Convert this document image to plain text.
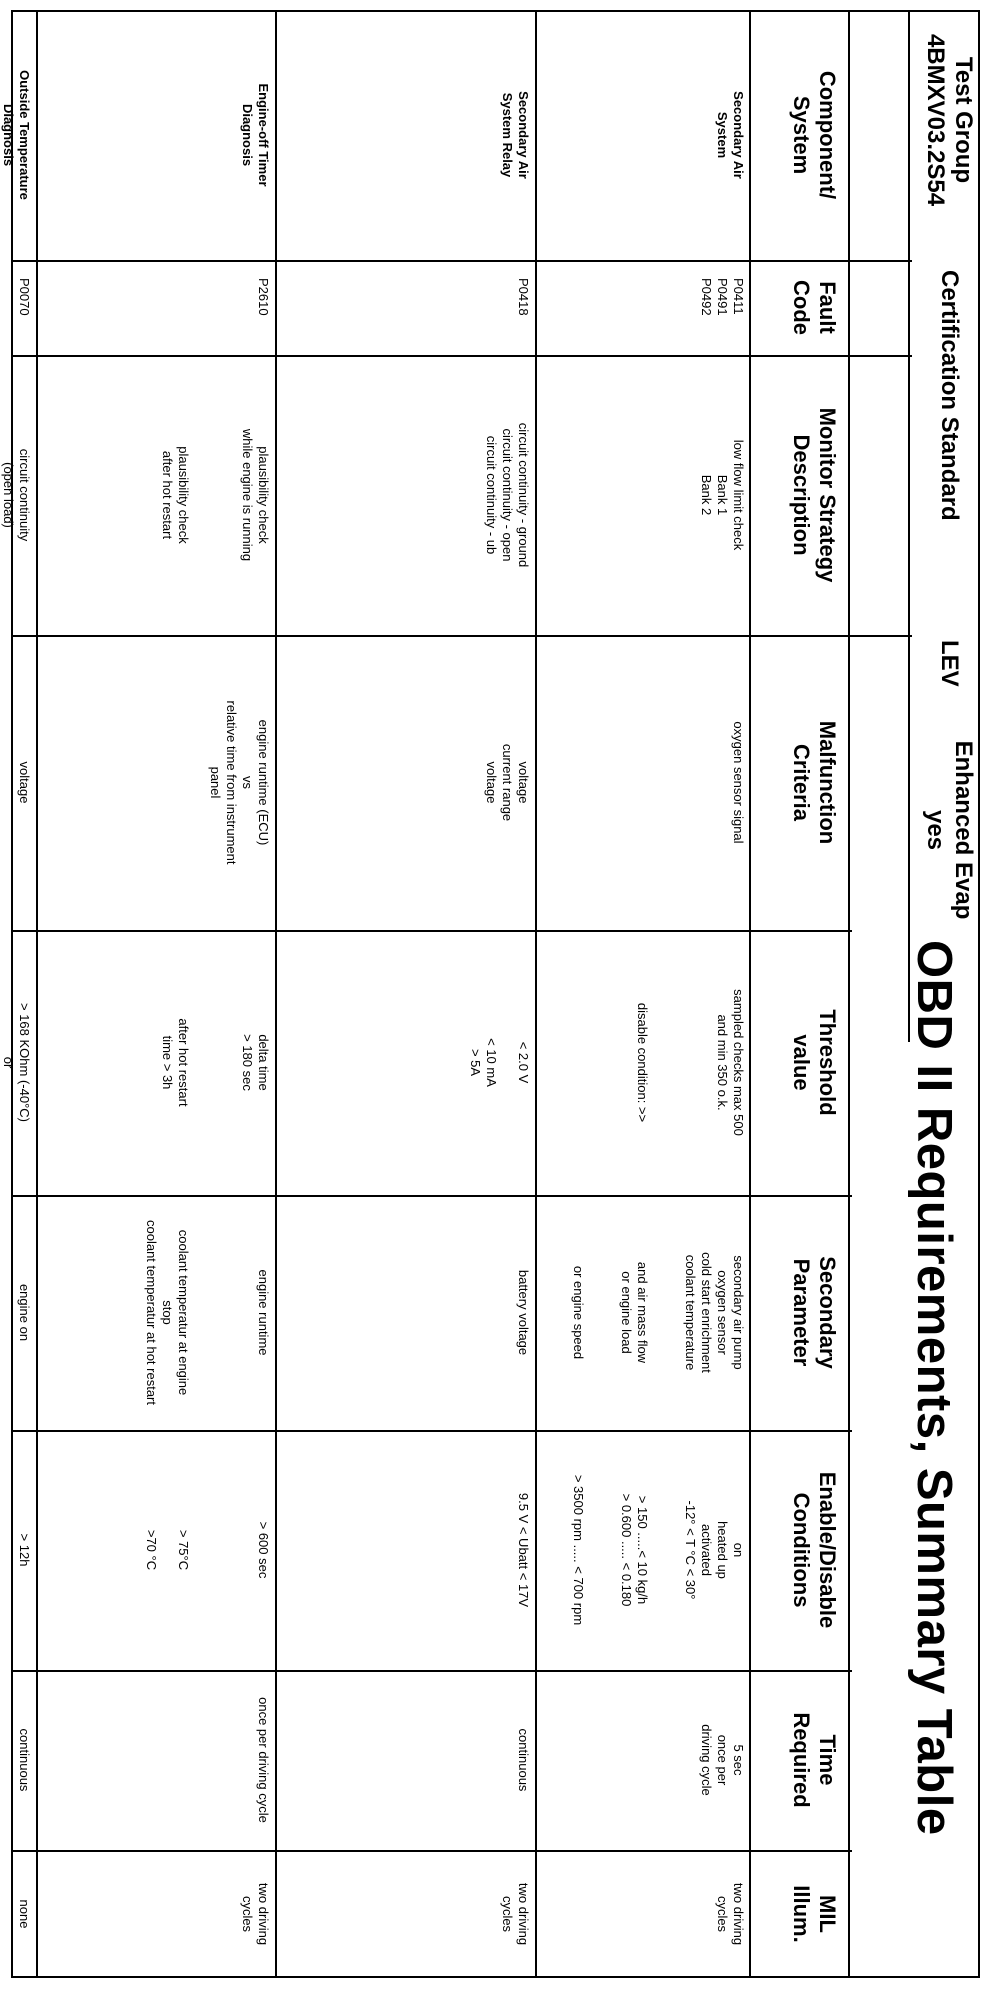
OBD II Requirements, Summary Table
Test Group
4BMXV03.2S54
Certification Standard
LEV
Enhanced Evap
yes
Component/
System
Fault
Code
Monitor Strategy
Description
Malfunction
Criteria
Threshold
value
Secondary
Parameter
Enable/Disable
Conditions
Time
Required
MIL
Illum.
Secondary Air
System
P0411
P0491
P0492
low flow limit check
Bank 1
Bank 2
oxygen sensor signal
sampled checks max 500
and min 350 o.k.

disable condition: >>
secondary air pump
oxygen sensor
cold start enrichment
coolant temperature

and air mass flow
or engine load

or engine speed
on
heated up
activated
-12° < T °C < 30°

> 150 .....< 10 kg/h
> 0.600 ..... < 0.180

> 3500 rpm ..... < 700 rpm
5 sec
once per
driving cycle
two driving
cycles
Secondary Air
System Relay
P0418
circuit continuity - ground
circuit continuity - open
circuit continuity - ub
voltage
current range
voltage
< 2.0 V

< 10 mA
> 5A
battery voltage
9.5 V < Ubatt < 17V
continuous
two driving
cycles
Engine-off Timer
Diagnosis
P2610
plausibility check
while engine is running

plausibility check
after hot restart
engine runtime (ECU)
vs
relative time from instrument
panel
delta time
> 180 sec

after hot restart
time > 3h
engine runtime

coolant temperatur at engine
stop
coolant temperatur at hot restart
> 600 sec

> 75°C

>70 °C
once per driving cycle
two driving
cycles
Outside Temperature
Diagnosis
P0070

circuit continuity
(open load)

voltage

> 168 KOhm (-40°C)
or

engine on

> 12h

continuous

none
